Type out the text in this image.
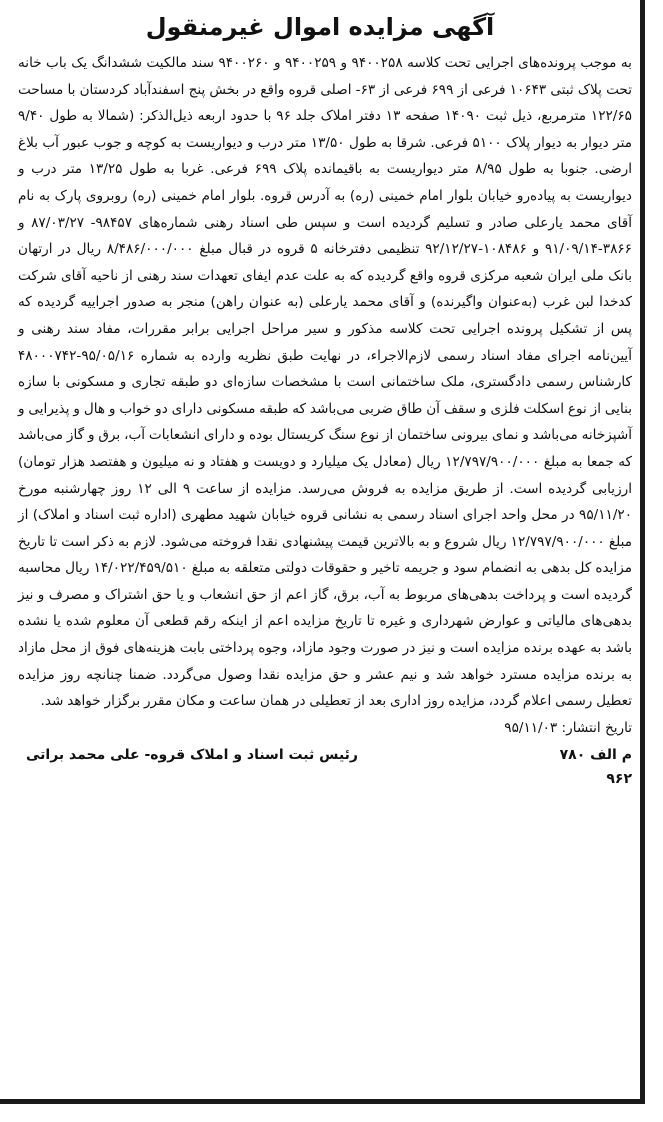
آگهی مزایده اموال غیرمنقول

به موجب پرونده‌های اجرایی تحت کلاسه ۹۴۰۰۲۵۸ و ۹۴۰۰۲۵۹ و ۹۴۰۰۲۶۰ سند مالکیت ششدانگ یک باب خانه تحت پلاک ثبتی ۱۰۶۴۳ فرعی از ۶۹۹ فرعی از ۶۳- اصلی قروه واقع در بخش پنج اسفندآباد کردستان با مساحت ۱۲۲/۶۵ مترمربع، ذیل ثبت ۱۴۰۹۰ صفحه ۱۳ دفتر املاک جلد ۹۶ با حدود اربعه ذیل‌الذکر: (شمالا به طول ۹/۴۰ متر دیوار به دیوار پلاک ۵۱۰۰ فرعی. شرقا به طول ۱۳/۵۰ متر درب و دیواریست به کوچه و جوب عبور آب بلاغ ارضی. جنوبا به طول ۸/۹۵ متر دیواریست به باقیمانده پلاک ۶۹۹ فرعی. غربا به طول ۱۳/۲۵ متر درب و دیواریست به پیاده‌رو خیابان بلوار امام خمینی (ره) به آدرس قروه. بلوار امام خمینی (ره) روبروی پارک به نام آقای محمد یارعلی صادر و تسلیم گردیده است و سپس طی اسناد رهنی شماره‌های ۹۸۴۵۷- ۸۷/۰۳/۲۷ و ۳۸۶۶-۹۱/۰۹/۱۴ و ۱۰۸۴۸۶-۹۲/۱۲/۲۷ تنظیمی دفترخانه ۵ قروه در قبال مبلغ ۸/۴۸۶/۰۰۰/۰۰۰ ریال در ارتهان بانک ملی ایران شعبه مرکزی قروه واقع گردیده که به علت عدم ایفای تعهدات سند رهنی از ناحیه آقای شرکت کدخدا لبن غرب (به‌عنوان واگیرنده) و آقای محمد یارعلی (به عنوان راهن) منجر به صدور اجراییه گردیده که پس از تشکیل پرونده اجرایی تحت کلاسه مذکور و سیر مراحل اجرایی برابر مقررات، مفاد سند رهنی و آیین‌نامه اجرای مفاد اسناد رسمی لازم‌الاجراء، در نهایت طبق نظریه وارده به شماره ۹۵/۰۵/۱۶-۴۸۰۰۰۷۴۲ کارشناس رسمی دادگستری، ملک ساختمانی است با مشخصات سازه‌ای دو طبقه تجاری و مسکونی با سازه بنایی از نوع اسکلت فلزی و سقف آن طاق ضربی می‌باشد که طبقه مسکونی دارای دو خواب و هال و پذیرایی و آشپزخانه می‌باشد و نمای بیرونی ساختمان از نوع سنگ کریستال بوده و دارای انشعابات آب، برق و گاز می‌باشد که جمعا به مبلغ ۱۲/۷۹۷/۹۰۰/۰۰۰ ریال (معادل یک میلیارد و دویست و هفتاد و نه میلیون و هفتصد هزار تومان) ارزیابی گردیده است. از طریق مزایده به فروش می‌رسد. مزایده از ساعت ۹ الی ۱۲ روز چهارشنبه مورخ ۹۵/۱۱/۲۰ در محل واحد اجرای اسناد رسمی به نشانی قروه خیابان شهید مطهری (اداره ثبت اسناد و املاک) از مبلغ ۱۲/۷۹۷/۹۰۰/۰۰۰ ریال شروع و به بالاترین قیمت پیشنهادی نقدا فروخته می‌شود. لازم به ذکر است تا تاریخ مزایده کل بدهی به انضمام سود و جریمه تاخیر و حقوقات دولتی متعلقه به مبلغ ۱۴/۰۲۲/۴۵۹/۵۱۰ ریال محاسبه گردیده است و پرداخت بدهی‌های مربوط به آب، برق، گاز اعم از حق انشعاب و یا حق اشتراک و مصرف و نیز بدهی‌های مالیاتی و عوارض شهرداری و غیره تا تاریخ مزایده اعم از اینکه رقم قطعی آن معلوم شده یا نشده باشد به عهده برنده مزایده است و نیز در صورت وجود مازاد، وجوه پرداختی بابت هزینه‌های فوق از محل مازاد به برنده مزایده مسترد خواهد شد و نیم عشر و حق مزایده نقدا وصول می‌گردد. ضمنا چنانچه روز مزایده تعطیل رسمی اعلام گردد، مزایده روز اداری بعد از تعطیلی در همان ساعت و مکان مقرر برگزار خواهد شد.

تاریخ انتشار: ۹۵/۱۱/۰۳

م الف ۷۸۰
۹۶۲
رئیس ثبت اسناد و املاک قروه- علی محمد براتی
